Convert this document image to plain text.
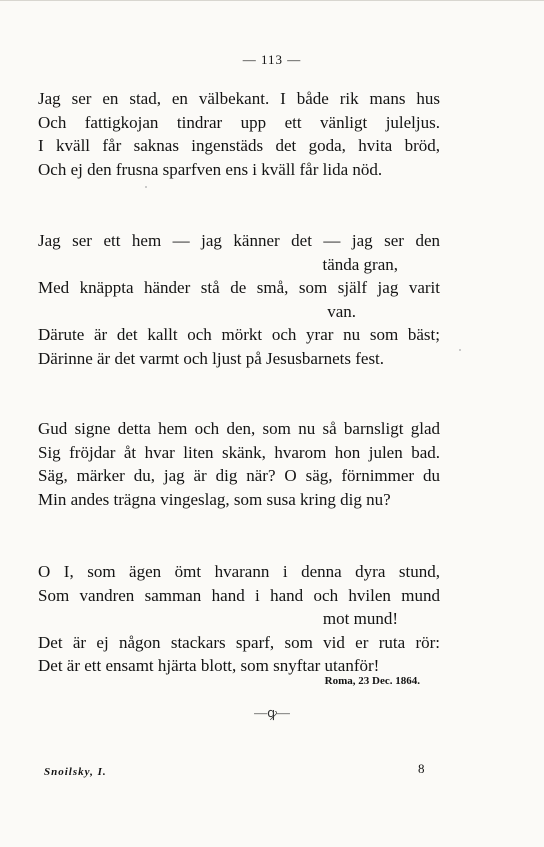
— 113 —
Jag ser en stad, en välbekant. I både rik mans hus
Och fattigkojan tindrar upp ett vänligt juleljus.
I kväll får saknas ingenstäds det goda, hvita bröd,
Och ej den frusna sparfven ens i kväll får lida nöd.
Jag ser ett hem — jag känner det — jag ser den
tända gran,
Med knäppta händer stå de små, som själf jag varit
van.
Därute är det kallt och mörkt och yrar nu som bäst;
Därinne är det varmt och ljust på Jesusbarnets fest.
Gud signe detta hem och den, som nu så barnsligt glad
Sig fröjdar åt hvar liten skänk, hvarom hon julen bad.
Säg, märker du, jag är dig när? O säg, förnimmer du
Min andes trägna vingeslag, som susa kring dig nu?
O I, som ägen ömt hvarann i denna dyra stund,
Som vandren samman hand i hand och hvilen mund
mot mund!
Det är ej någon stackars sparf, som vid er ruta rör:
Det är ett ensamt hjärta blott, som snyftar utanför!
Roma, 23 Dec. 1864.
—ꝙ—
Snoilsky, I.	8
